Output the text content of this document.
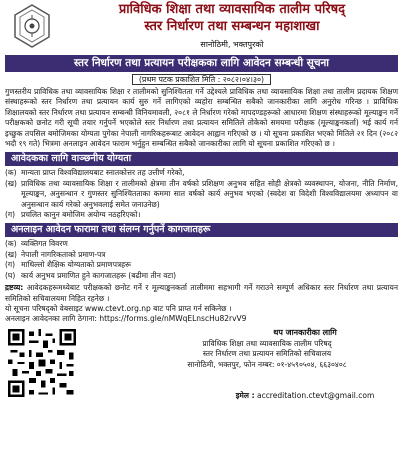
प्राविधिक शिक्षा तथा व्यावसायिक तालीम परिषद्
स्तर निर्धारण तथा सम्बन्धन महाशाखा
सानोठिमी, भक्तपुरको
स्तर निर्धारण तथा प्रत्यायन परीक्षकका लागि आवेदन सम्बन्धी सूचना
(प्रथम पटक प्रकाशित मिति : २०८२।०४।३०)
गुणस्तरीय प्राविधिक तथा व्यावसायिक शिक्षा र तालीमको सुनिश्चितता गर्ने उद्देश्यले प्राविधिक तथा व्यावसायिक शिक्षा तथा तालीम प्रदायक शिक्षण संस्थाहरूको स्तर निर्धारण तथा प्रत्यायन कार्य सुरु गर्ने लागिएको व्यहोरा सम्बन्धित सबैको जानकारीका लागि अनुरोध गरिन्छ । प्राविधिक शिक्षालयको स्तर निर्धारण तथा प्रत्यायन सम्बन्धी विनियमावली, २०८१ ले निर्धारण गरेको मापदण्डहरूको आधारमा शिक्षण संस्थाहरूको मूल्याङ्कन गर्ने परीक्षकको छनोट गरी सूची तयार गर्नुपर्ने भएकोले स्तर निर्धारण तथा प्रत्यायन समितिले तोकेको समयमा परीक्षक (मूल्याङ्कनकर्ता) भई कार्य गर्न इच्छुक तपसिल बमोजिमका योग्यता पुगेका नेपाली नागरिकहरूबाट आवेदन आह्वान गरिएको छ । यो सूचना प्रकाशित भएको मितिले २१ दिन (२०८२ भदौ १९ गते) भित्रमा अनलाइन आवेदन फाराम भर्नुहुन सम्बन्धित सबैको जानकारीका लागि यो सूचना प्रकाशित गरिएको छ ।
आवेदकका लागि वाञ्छनीय योग्यता
(क) मान्यता प्राप्त विश्वविद्यालयबाट स्नातकोत्तर तह उत्तीर्ण गरेको,
(ख) प्राविधिक तथा व्यावसायिक शिक्षा र तालीमको क्षेत्रमा तीन वर्षको प्रशिक्षण अनुभव सहित सोही क्षेत्रको व्यवस्थापन, योजना, नीति निर्माण, मूल्याङ्कन, अनुसन्धान र गुणस्तर सुनिश्चितताका कममा सात वर्षको कार्य अनुभव भएको (स्वदेश वा विदेशी विश्वविद्यालयमा अध्यापन वा अनुसन्धान कार्य गरेको अनुभवलाई समेत जनाउनेछ)
(ग) प्रचलित कानुन बमोजिम अयोग्य नठहरिएको।
अनलाइन आवेदन फारामा तथा संलग्न गर्नुपर्ने कागजातहरू
(क) व्यक्तिगत विवरण
(ख) नेपाली नागरिकताको प्रमाण-पत्र
(ग) माथिल्लो शैक्षिक योग्यताको प्रमाणपत्रहरू
(घ) कार्य अनुभव प्रमाणित हुने कागजातहरू (बढीमा तीन वटा)
द्रष्टव्य: आवेदकहरूमध्येबाट परीक्षकको छनोट गर्ने र मूल्याङ्कनकर्ता तालीममा सहभागी गर्ने गराउने सम्पूर्ण अधिकार स्तर निर्धारण तथा प्रत्यायन समितिको सचिवालयमा निहित रहनेछ ।
यो सूचना परिषद्को वेबसाइट www.ctevt.org.np बाट पनि प्राप्त गर्न सकिनेछ ।
अनलाइन आवेदनका लागि ठेगाना: https://forms.gle/nMWqELnscHu82rvV9
थप जानकारीका लागि
प्राविधिक शिक्षा तथा व्यावसायिक तालीम परिषद्
स्तर निर्धारण तथा प्रत्यायन समितिको सचिवालय
सानोठिमी, भक्तपुर, फोन नम्बर: ०१-४५९०५०४, ६६३०४०८
इमेल : accreditation.ctevt@gmail.com
